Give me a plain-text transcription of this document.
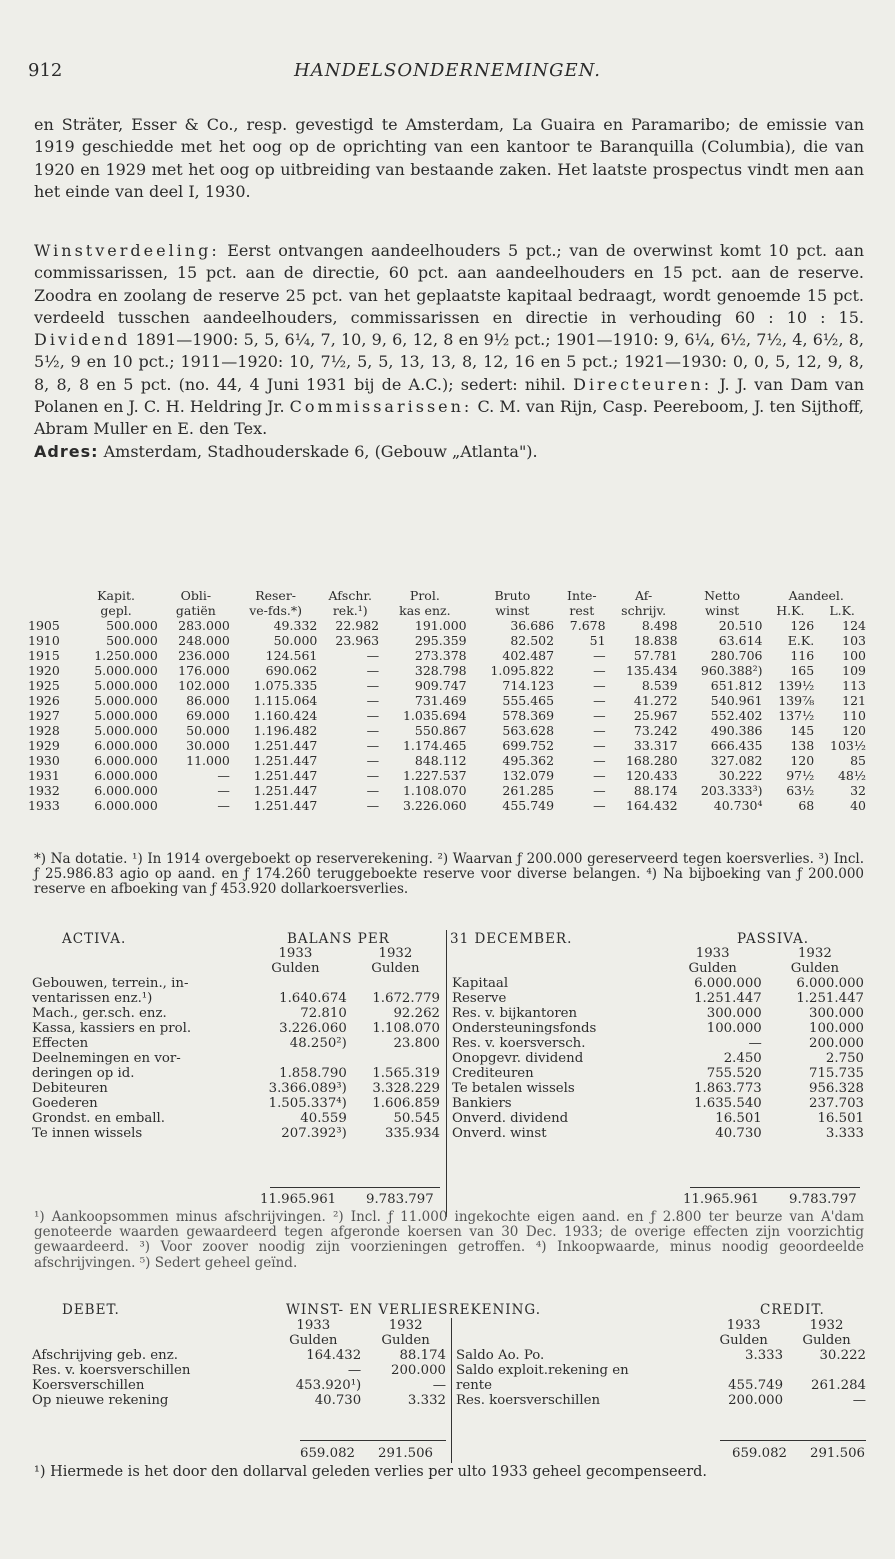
912	HANDELSONDERNEMINGEN.
en Sträter, Esser & Co., resp. gevestigd te Amsterdam, La Guaira en Paramaribo; de emissie van 1919 geschiedde met het oog op de oprichting van een kantoor te Baranquilla (Columbia), die van 1920 en 1929 met het oog op uitbreiding van bestaande zaken. Het laatste prospectus vindt men aan het einde van deel I, 1930.
Winstverdeeling: Eerst ontvangen aandeelhouders 5 pct.; van de overwinst komt 10 pct. aan commissarissen, 15 pct. aan de directie, 60 pct. aan aandeelhouders en 15 pct. aan de reserve. Zoodra en zoolang de reserve 25 pct. van het geplaatste kapitaal bedraagt, wordt genoemde 15 pct. verdeeld tusschen aandeelhouders, commissarissen en directie in verhouding 60 : 10 : 15. Dividend 1891—1900: 5, 5, 6¼, 7, 10, 9, 6, 12, 8 en 9½ pct.; 1901—1910: 9, 6¼, 6½, 7½, 4, 6½, 8, 5½, 9 en 10 pct.; 1911—1920: 10, 7½, 5, 5, 13, 13, 8, 12, 16 en 5 pct.; 1921—1930: 0, 0, 5, 12, 9, 8, 8, 8, 8 en 5 pct. (no. 44, 4 Juni 1931 bij de A.C.); sedert: nihil. Directeuren: J. J. van Dam van Polanen en J. C. H. Heldring Jr. Commissarissen: C. M. van Rijn, Casp. Peereboom, J. ten Sijthoff, Abram Muller en E. den Tex.
Adres: Amsterdam, Stadhouderskade 6, (Gebouw „Atlanta").
	Kapit.	Obli-	Reser-	Afschr.	Prol.	Bruto	Inte-	Af-	Netto	Aandeel.	
	gepl.	gatiën	ve-fds.*)	rek.¹)	kas enz.	winst	rest	schrijv.	winst	H.K.	L.K.
1905	500.000	283.000	49.332	22.982	191.000	36.686	7.678	8.498	20.510	126	124
1910	500.000	248.000	50.000	23.963	295.359	82.502	51	18.838	63.614	E.K.	103
1915	1.250.000	236.000	124.561	—	273.378	402.487	—	57.781	280.706	116	100
1920	5.000.000	176.000	690.062	—	328.798	1.095.822	—	135.434	960.388²)	165	109
1925	5.000.000	102.000	1.075.335	—	909.747	714.123	—	8.539	651.812	139½	113
1926	5.000.000	86.000	1.115.064	—	731.469	555.465	—	41.272	540.961	139⅞	121
1927	5.000.000	69.000	1.160.424	—	1.035.694	578.369	—	25.967	552.402	137½	110
1928	5.000.000	50.000	1.196.482	—	550.867	563.628	—	73.242	490.386	145	120
1929	6.000.000	30.000	1.251.447	—	1.174.465	699.752	—	33.317	666.435	138	103½
1930	6.000.000	11.000	1.251.447	—	848.112	495.362	—	168.280	327.082	120	85
1931	6.000.000	—	1.251.447	—	1.227.537	132.079	—	120.433	30.222	97½	48½
1932	6.000.000	—	1.251.447	—	1.108.070	261.285	—	88.174	203.333³)	63½	32
1933	6.000.000	—	1.251.447	—	3.226.060	455.749	—	164.432	40.730⁴	68	40
*) Na dotatie. ¹) In 1914 overgeboekt op reserverekening. ²) Waarvan ƒ 200.000 gereserveerd tegen koersverlies. ³) Incl. ƒ 25.986.83 agio op aand. en ƒ 174.260 teruggeboekte reserve voor diverse belangen. ⁴) Na bijboeking van ƒ 200.000 reserve en afboeking van ƒ 453.920 dollarkoersverlies.
ACTIVA.	BALANS PER	31 DECEMBER.	PASSIVA.
	1933	1932
	Gulden	Gulden
Gebouwen, terrein., in-		
ventarissen enz.¹)	1.640.674	1.672.779
Mach., ger.sch. enz.	72.810	92.262
Kassa, kassiers en prol.	3.226.060	1.108.070
Effecten	48.250²)	23.800
Deelnemingen en vor-		
deringen op id.	1.858.790	1.565.319
Debiteuren	3.366.089³)	3.328.229
Goederen	1.505.337⁴)	1.606.859
Grondst. en emball.	40.559	50.545
Te innen wissels	207.392³)	335.934
	1933	1932
	Gulden	Gulden
Kapitaal	6.000.000	6.000.000
Reserve	1.251.447	1.251.447
Res. v. bijkantoren	300.000	300.000
Ondersteuningsfonds	100.000	100.000
Res. v. koersversch.	—	200.000
Onopgevr. dividend	2.450	2.750
Crediteuren	755.520	715.735
Te betalen wissels	1.863.773	956.328
Bankiers	1.635.540	237.703
Onverd. dividend	16.501	16.501
Onverd. winst	40.730	3.333
11.965.961 9.783.797	11.965.961 9.783.797
¹) Aankoopsommen minus afschrijvingen. ²) Incl. ƒ 11.000 ingekochte eigen aand. en ƒ 2.800 ter beurze van A'dam genoteerde waarden gewaardeerd tegen afgeronde koersen van 30 Dec. 1933; de overige effecten zijn voorzichtig gewaardeerd. ³) Voor zoover noodig zijn voorzieningen getroffen. ⁴) Inkoopwaarde, minus noodig geoordeelde afschrijvingen. ⁵) Sedert geheel geïnd.
DEBET.	WINST- EN VERLIESREKENING.	CREDIT.
	1933	1932
	Gulden	Gulden
Afschrijving geb. enz.	164.432	88.174
Res. v. koersverschillen	—	200.000
Koersverschillen	453.920¹)	—
Op nieuwe rekening	40.730	3.332
	1933	1932
	Gulden	Gulden
Saldo Ao. Po.	3.333	30.222
Saldo exploit.rekening en		
rente	455.749	261.284
Res. koersverschillen	200.000	—
659.082 291.506	659.082 291.506
¹) Hiermede is het door den dollarval geleden verlies per ulto 1933 geheel gecompenseerd.
